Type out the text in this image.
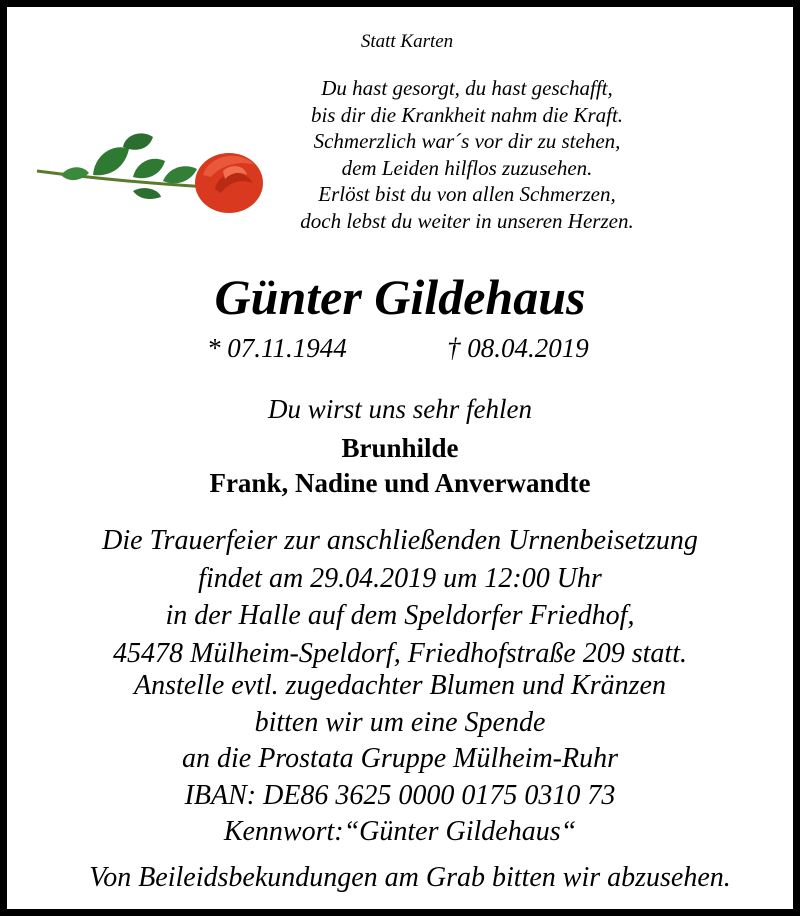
Statt Karten
Du hast gesorgt, du hast geschafft,
bis dir die Krankheit nahm die Kraft.
Schmerzlich war´s vor dir zu stehen,
dem Leiden hilflos zuzusehen.
Erlöst bist du von allen Schmerzen,
doch lebst du weiter in unseren Herzen.
Günter Gildehaus
* 07.11.1944	† 08.04.2019
Du wirst uns sehr fehlen
Brunhilde
Frank, Nadine und Anverwandte
Die Trauerfeier zur anschließenden Urnenbeisetzung
findet am 29.04.2019 um 12:00 Uhr
in der Halle auf dem Speldorfer Friedhof,
45478 Mülheim-Speldorf, Friedhofstraße 209 statt.
Anstelle evtl. zugedachter Blumen und Kränzen
bitten wir um eine Spende
an die Prostata Gruppe Mülheim-Ruhr
IBAN: DE86 3625 0000 0175 0310 73
Kennwort:“Günter Gildehaus“
Von Beileidsbekundungen am Grab bitten wir abzusehen.
